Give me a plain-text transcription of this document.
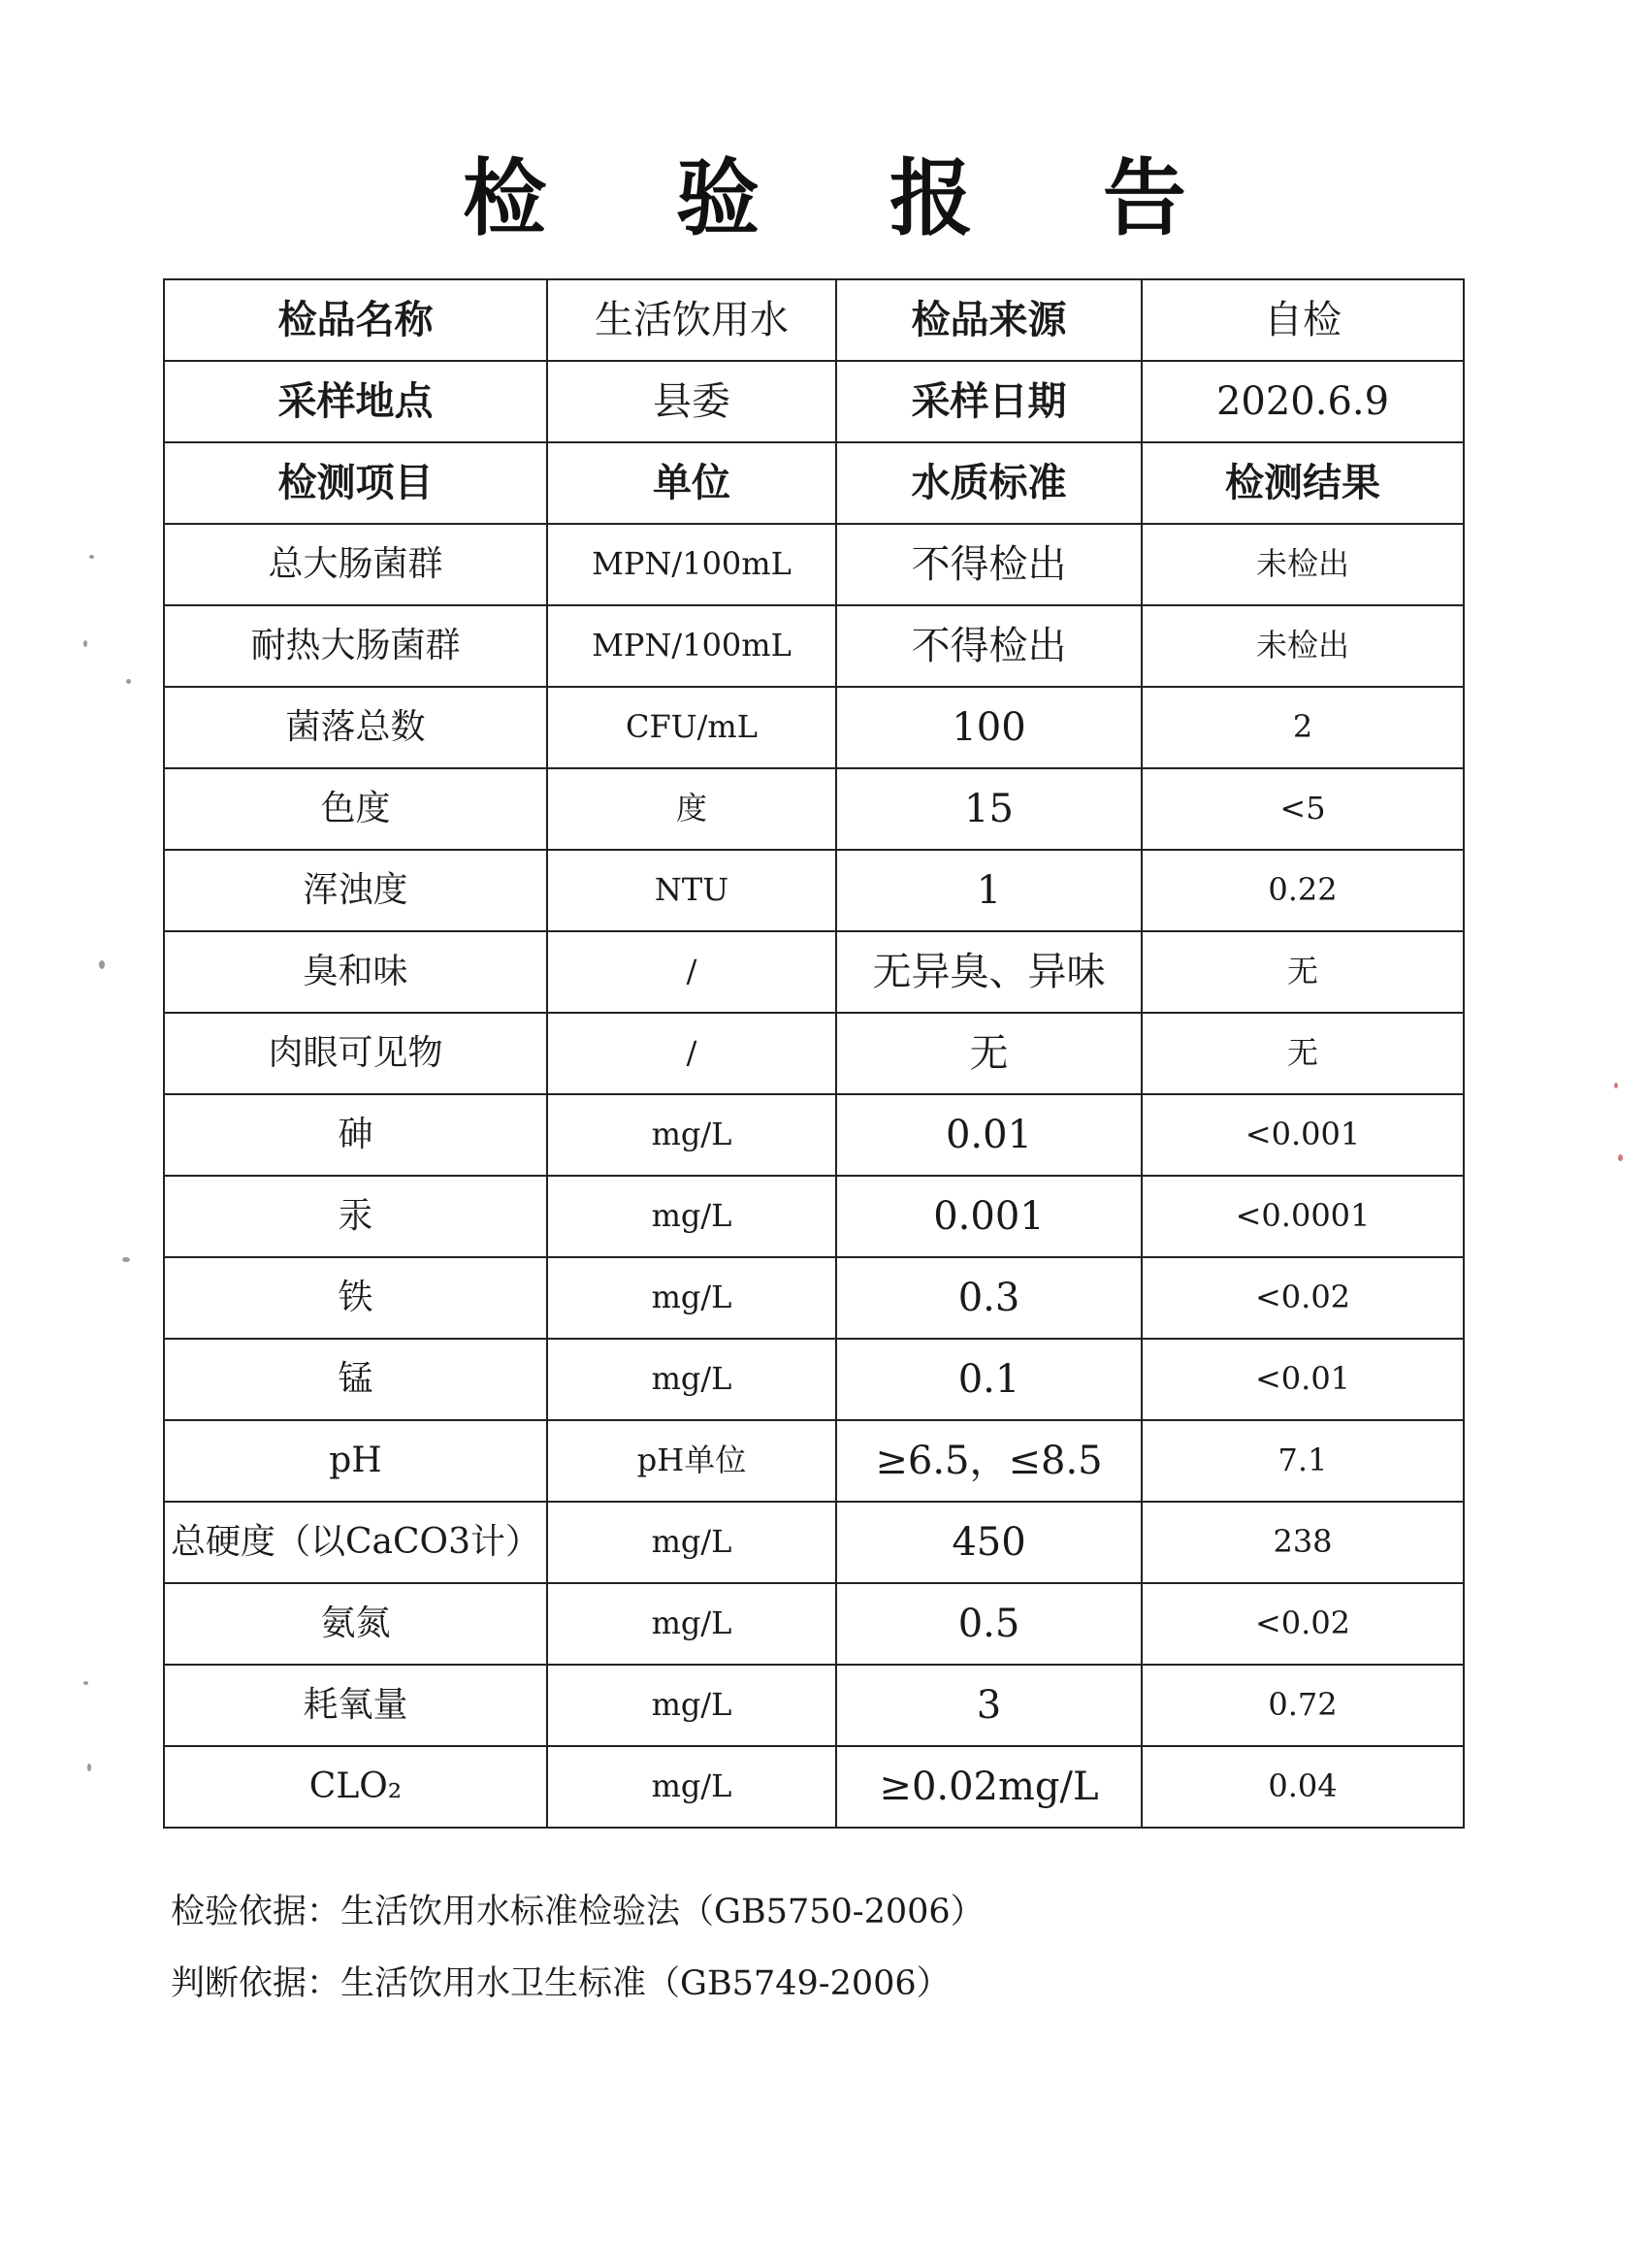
检 验 报 告
检品名称	生活饮用水	检品来源	自检
采样地点	县委	采样日期	2020.6.9
检测项目	单位	水质标准	检测结果
总大肠菌群	MPN/100mL	不得检出	未检出
耐热大肠菌群	MPN/100mL	不得检出	未检出
菌落总数	CFU/mL	100	2
色度	度	15	<5
浑浊度	NTU	1	0.22
臭和味	/	无异臭、异味	无
肉眼可见物	/	无	无
砷	mg/L	0.01	<0.001
汞	mg/L	0.001	<0.0001
铁	mg/L	0.3	<0.02
锰	mg/L	0.1	<0.01
pH	pH单位	≥6.5，≤8.5	7.1
总硬度（以CaCO3计）	mg/L	450	238
氨氮	mg/L	0.5	<0.02
耗氧量	mg/L	3	0.72
CLO₂	mg/L	≥0.02mg/L	0.04
检验依据：生活饮用水标准检验法（GB5750-2006）
判断依据：生活饮用水卫生标准（GB5749-2006）
